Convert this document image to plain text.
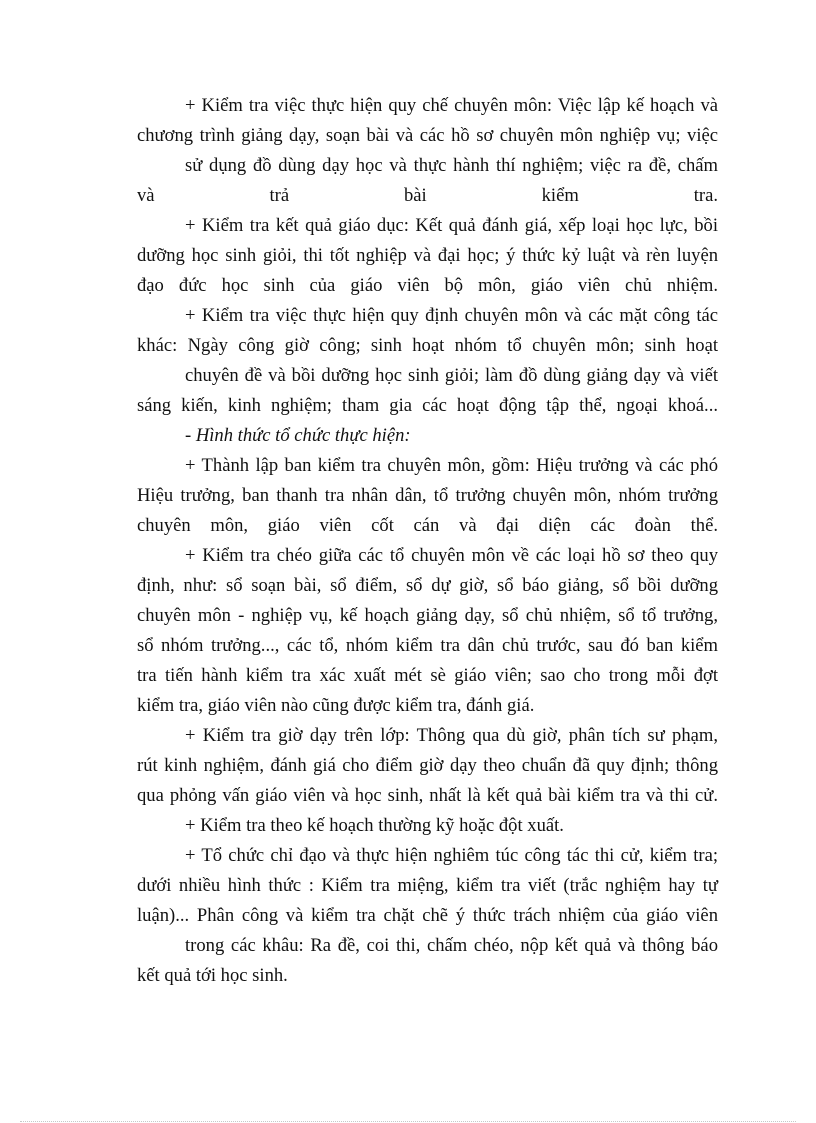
+ Kiểm tra việc thực hiện quy chế chuyên môn: Việc lập kế hoạch và
chương trình giảng dạy, soạn bài và các hồ sơ chuyên môn nghiệp vụ; việc
sử dụng đồ dùng dạy học và thực hành thí nghiệm; việc ra đề, chấm
và	trả	bài	kiểm	tra.
+ Kiểm tra kết quả giáo dục: Kết quả đánh giá, xếp loại học lực, bồi
dưỡng học sinh giỏi, thi tốt nghiệp và đại học; ý thức kỷ luật và rèn luyện
đạo đức học sinh của giáo viên bộ môn, giáo viên chủ nhiệm.
+ Kiểm tra việc thực hiện quy định chuyên môn và các mặt công tác
khác: Ngày công giờ công; sinh hoạt nhóm tổ chuyên môn; sinh hoạt
chuyên đề và bồi dưỡng học sinh giỏi; làm đồ dùng giảng dạy và viết
sáng kiến, kinh nghiệm; tham gia các hoạt động tập thể, ngoại khoá...
- Hình thức tổ chức thực hiện:
+ Thành lập ban kiểm tra chuyên môn, gồm: Hiệu trưởng và các phó
Hiệu trưởng, ban thanh tra nhân dân, tổ trưởng chuyên môn, nhóm trưởng
chuyên môn, giáo viên cốt cán và đại diện các đoàn thể.
+ Kiểm tra chéo giữa các tổ chuyên môn về các loại hồ sơ theo quy
định, như: sổ soạn bài, sổ điểm, sổ dự giờ, sổ báo giảng, sổ bồi dưỡng
chuyên môn - nghiệp vụ, kế hoạch giảng dạy, sổ chủ nhiệm, sổ tổ trưởng,
sổ nhóm trưởng..., các tổ, nhóm kiểm tra dân chủ trước, sau đó ban kiểm
tra tiến hành kiểm tra xác xuất mét sè giáo viên; sao cho trong mỗi đợt
kiểm tra, giáo viên nào cũng được kiểm tra, đánh giá.
+ Kiểm tra giờ dạy trên lớp: Thông qua dù giờ, phân tích sư phạm,
rút kinh nghiệm, đánh giá cho điểm giờ dạy theo chuẩn đã quy định; thông
qua phỏng vấn giáo viên và học sinh, nhất là kết quả bài kiểm tra và thi cử.
+ Kiểm tra theo kế hoạch thường kỹ hoặc đột xuất.
+ Tổ chức chỉ đạo và thực hiện nghiêm túc công tác thi cử, kiểm tra;
dưới nhiều hình thức : Kiểm tra miệng, kiểm tra viết (trắc nghiệm hay tự
luận)... Phân công và kiểm tra chặt chẽ ý thức trách nhiệm của giáo viên
trong các khâu: Ra đề, coi thi, chấm chéo, nộp kết quả và thông báo
kết quả tới học sinh.
